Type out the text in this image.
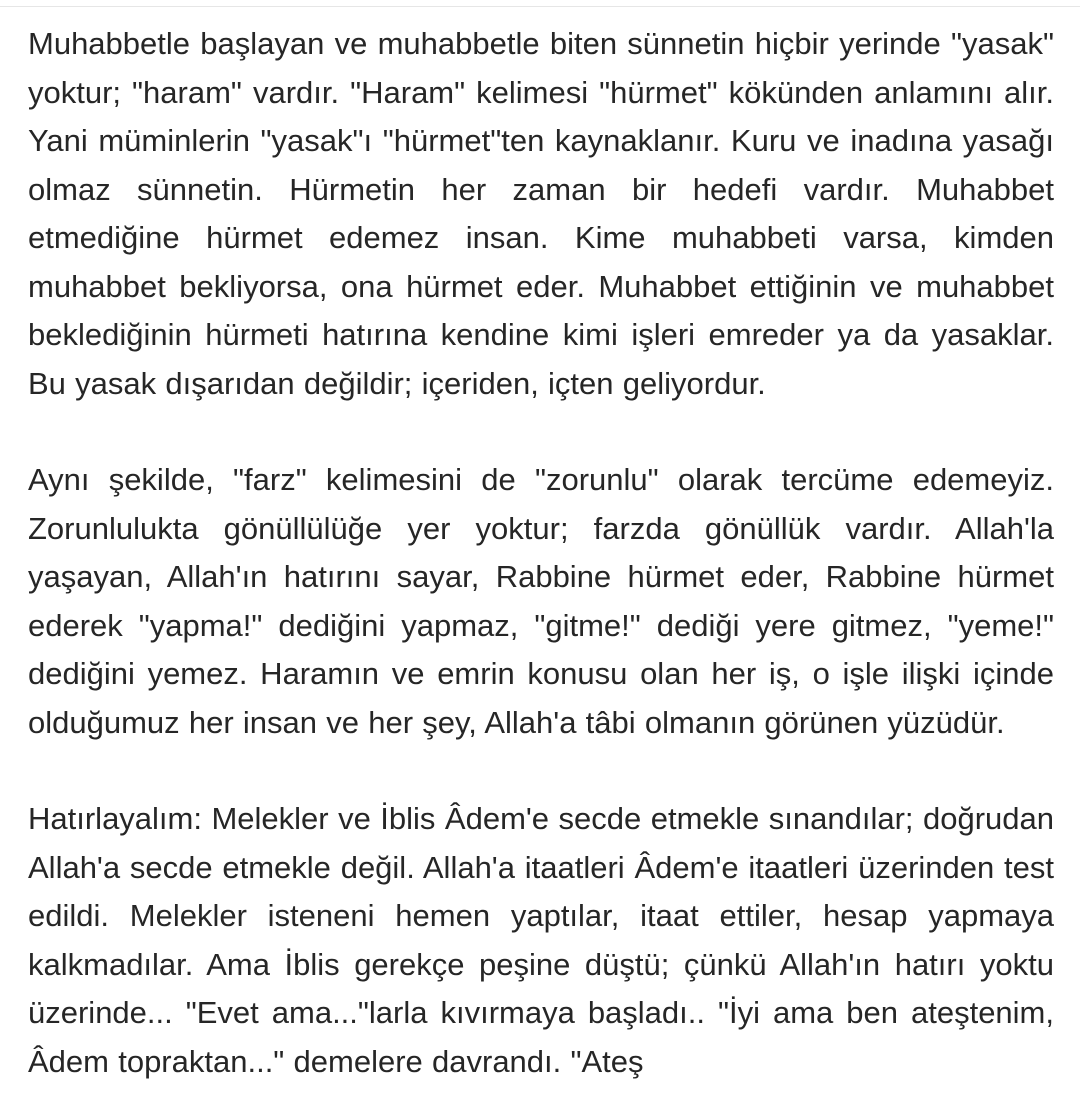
Muhabbetle başlayan ve muhabbetle biten sünnetin hiçbir yerinde "yasak" yoktur; "haram" vardır. "Haram" kelimesi "hürmet" kökünden anlamını alır. Yani müminlerin "yasak"ı "hürmet"ten kaynaklanır. Kuru ve inadına yasağı olmaz sünnetin. Hürmetin her zaman bir hedefi vardır. Muhabbet etmediğine hürmet edemez insan. Kime muhabbeti varsa, kimden muhabbet bekliyorsa, ona hürmet eder. Muhabbet ettiğinin ve muhabbet beklediğinin hürmeti hatırına kendine kimi işleri emreder ya da yasaklar. Bu yasak dışarıdan değildir; içeriden, içten geliyordur.

Aynı şekilde, "farz" kelimesini de "zorunlu" olarak tercüme edemeyiz. Zorunlulukta gönüllülüğe yer yoktur; farzda gönüllük vardır. Allah'la yaşayan, Allah'ın hatırını sayar, Rabbine hürmet eder, Rabbine hürmet ederek "yapma!" dediğini yapmaz, "gitme!" dediği yere gitmez, "yeme!" dediğini yemez. Haramın ve emrin konusu olan her iş, o işle ilişki içinde olduğumuz her insan ve her şey, Allah'a tâbi olmanın görünen yüzüdür.

Hatırlayalım: Melekler ve İblis Âdem'e secde etmekle sınandılar; doğrudan Allah'a secde etmekle değil. Allah'a itaatleri Âdem'e itaatleri üzerinden test edildi. Melekler isteneni hemen yaptılar, itaat ettiler, hesap yapmaya kalkmadılar. Ama İblis gerekçe peşine düştü; çünkü Allah'ın hatırı yoktu üzerinde... "Evet ama..."larla kıvırmaya başladı.. "İyi ama ben ateştenim, Âdem topraktan..." demelere davrandı. "Ateş
